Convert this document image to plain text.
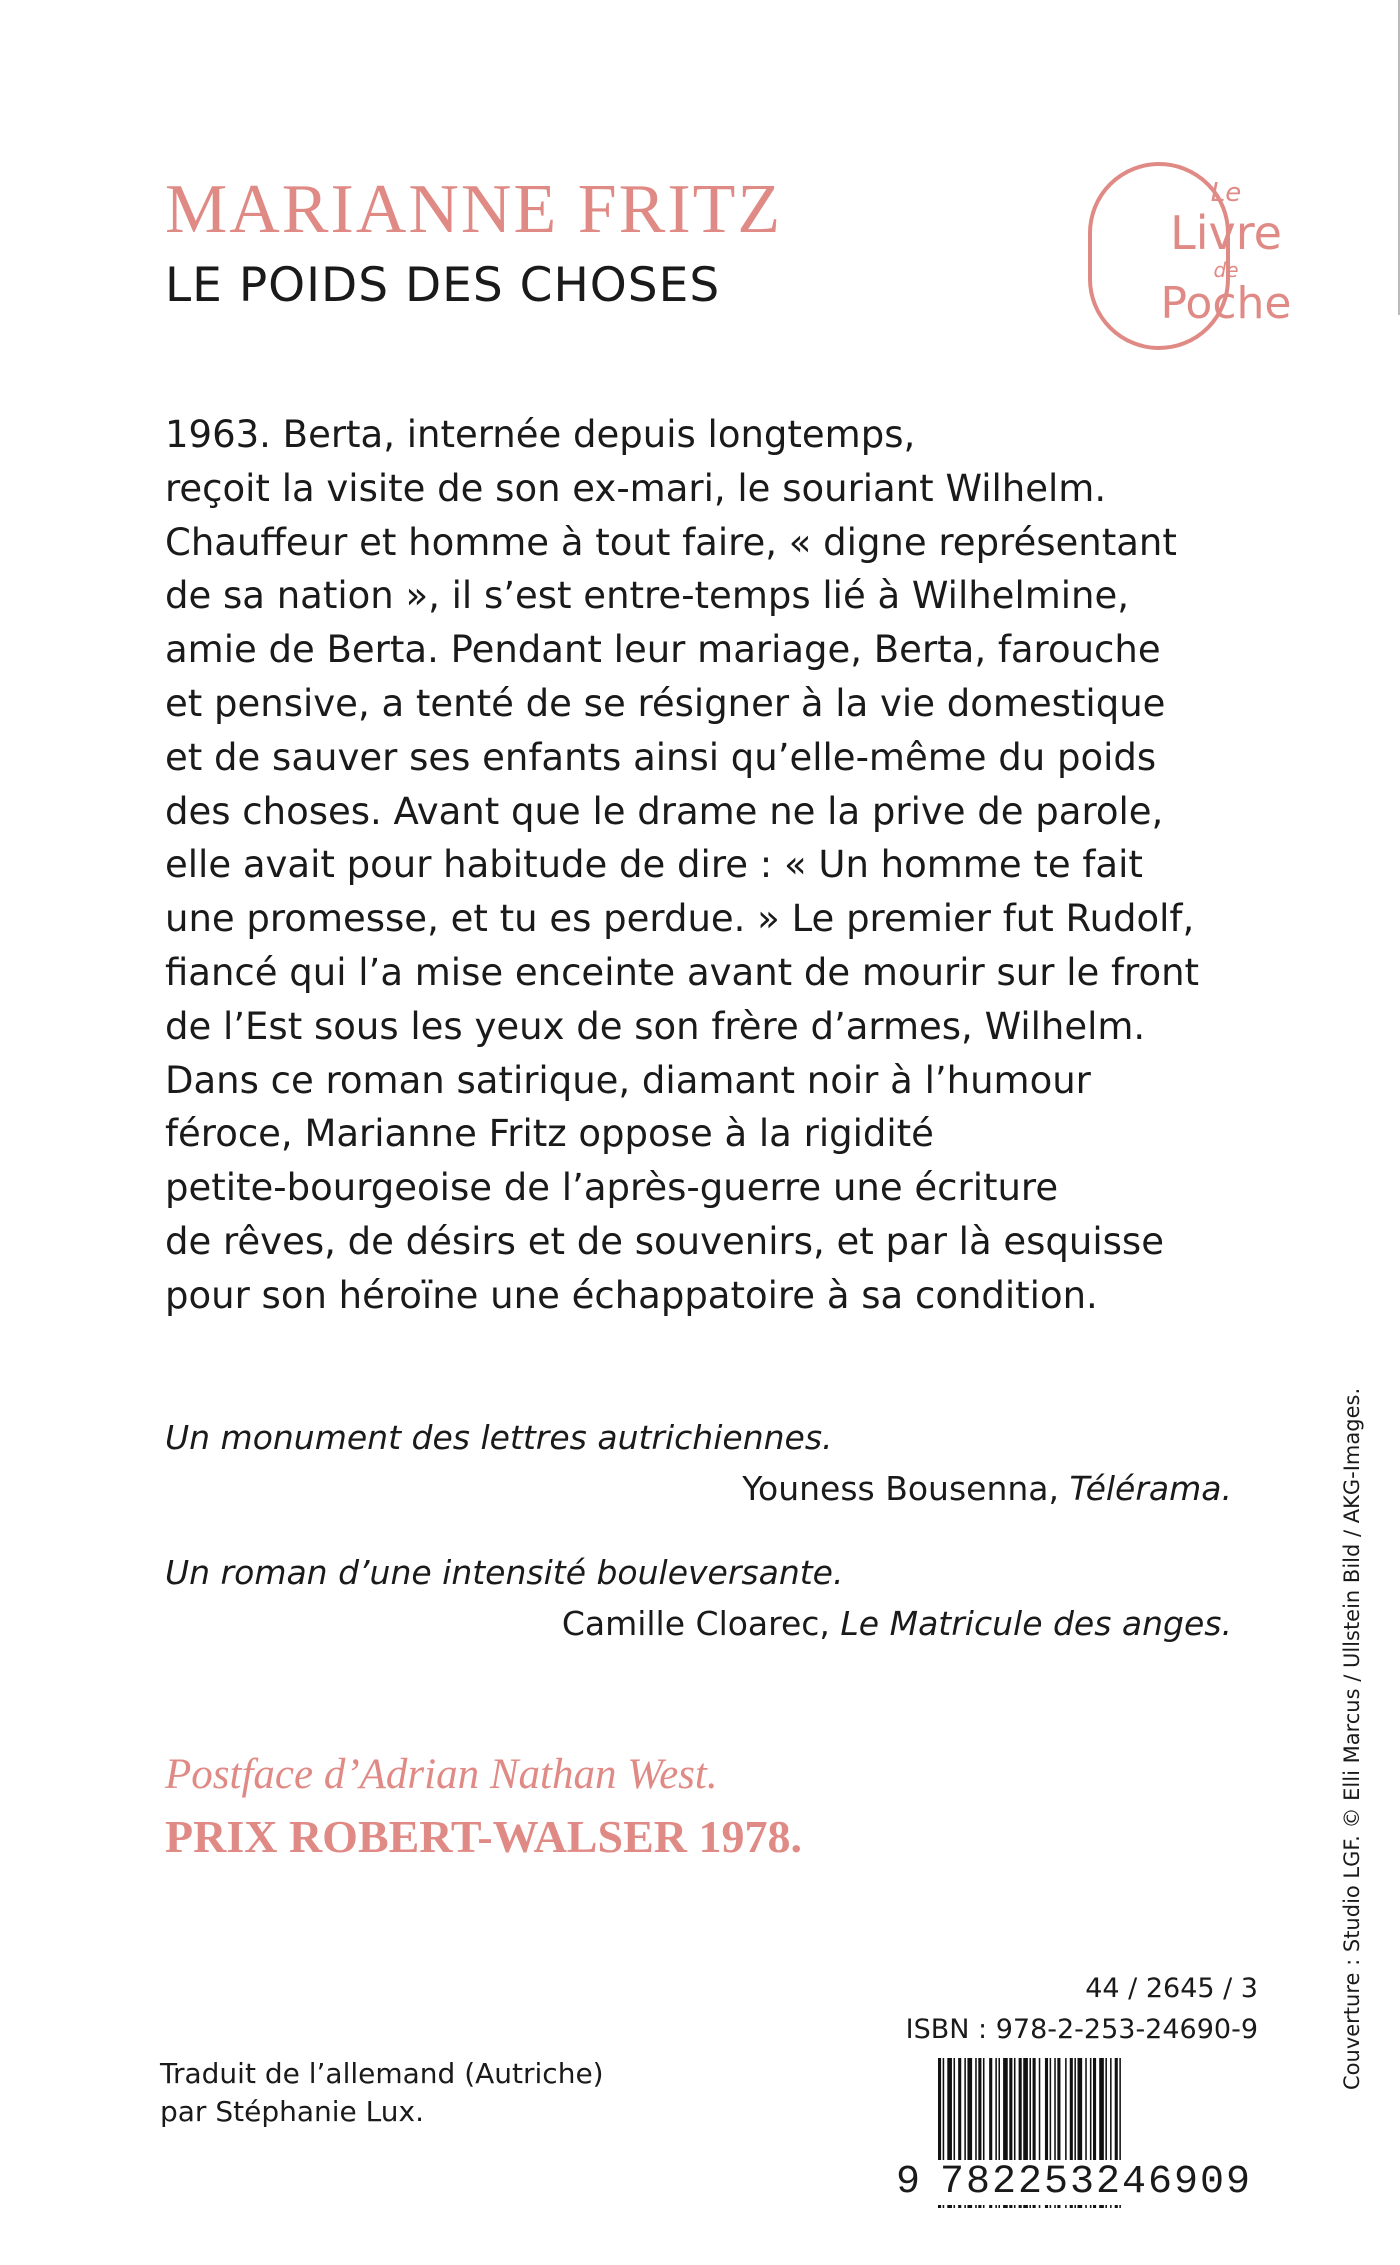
MARIANNE FRITZ
LE POIDS DES CHOSES
Le
Livre
de
Poche
1963. Berta, internée depuis longtemps,
reçoit la visite de son ex-mari, le souriant Wilhelm.
Chauffeur et homme à tout faire, « digne représentant
de sa nation », il s’est entre-temps lié à Wilhelmine,
amie de Berta. Pendant leur mariage, Berta, farouche
et pensive, a tenté de se résigner à la vie domestique
et de sauver ses enfants ainsi qu’elle-même du poids
des choses. Avant que le drame ne la prive de parole,
elle avait pour habitude de dire : « Un homme te fait
une promesse, et tu es perdue. » Le premier fut Rudolf,
fiancé qui l’a mise enceinte avant de mourir sur le front
de l’Est sous les yeux de son frère d’armes, Wilhelm.
Dans ce roman satirique, diamant noir à l’humour
féroce, Marianne Fritz oppose à la rigidité
petite-bourgeoise de l’après-guerre une écriture
de rêves, de désirs et de souvenirs, et par là esquisse
pour son héroïne une échappatoire à sa condition.
Un monument des lettres autrichiennes.
Youness Bousenna, Télérama.
Un roman d’une intensité bouleversante.
Camille Cloarec, Le Matricule des anges.
Postface d’Adrian Nathan West.
PRIX ROBERT-WALSER 1978.
44 / 2645 / 3
ISBN : 978-2-253-24690-9
Traduit de l’allemand (Autriche)
par Stéphanie Lux.
9 782253246909
Couverture : Studio LGF. © Elli Marcus / Ullstein Bild / AKG-Images.
